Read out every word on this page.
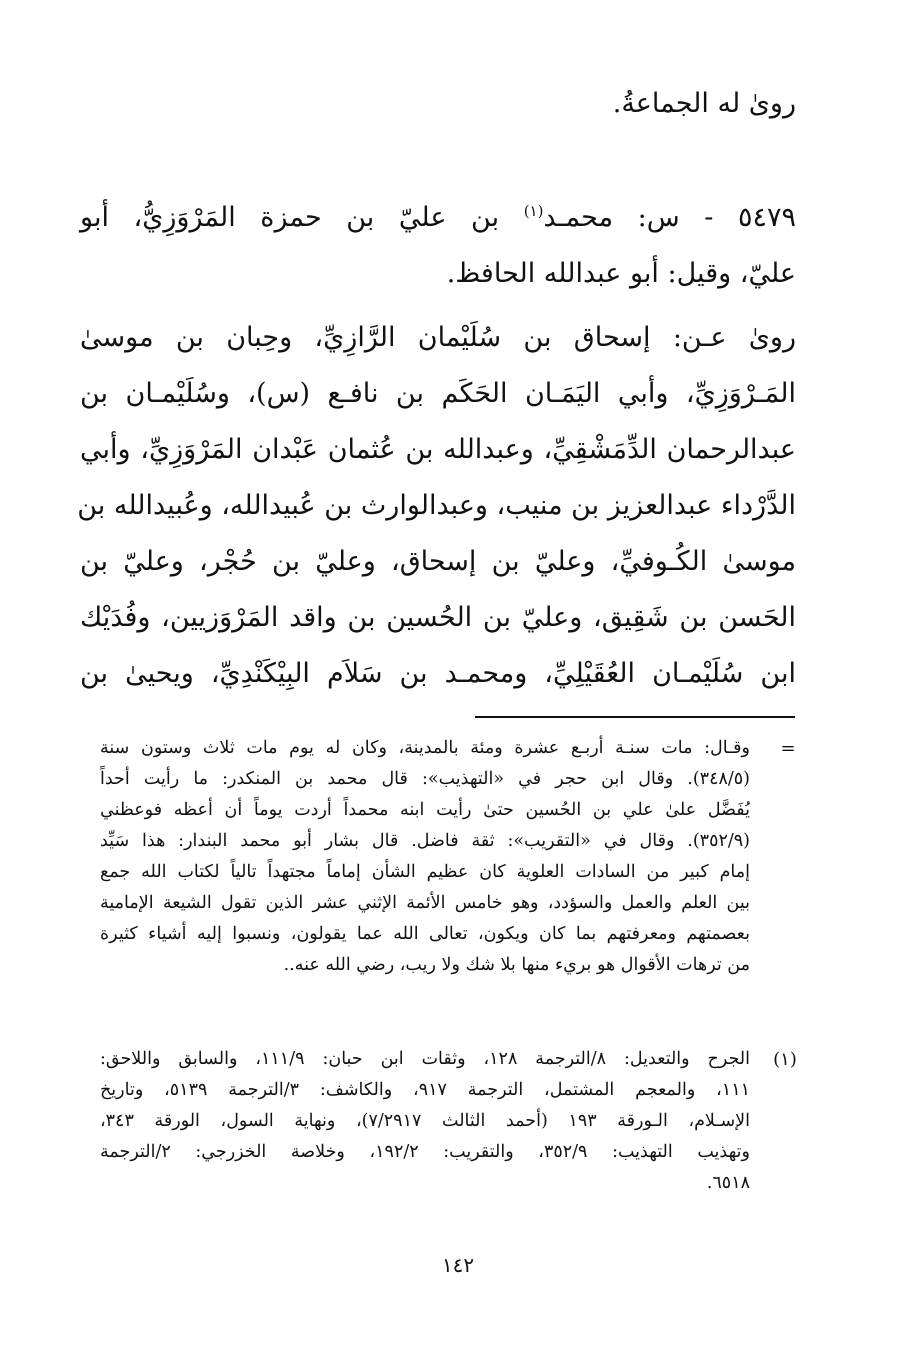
روىٰ له الجماعةُ.
٥٤٧٩ - س: محمـد$^{(١)}$ بن عليّ بن حمزة المَرْوَزِيُّ، أبو
عليّ، وقيل: أبو عبدالله الحافظ.
روىٰ عـن: إسحاق بن سُلَيْمان الرَّازِيِّ، وحِبان بن موسىٰ
المَـرْوَزِيِّ، وأبي اليَمَـان الحَكَم بن نافـع (س)، وسُلَيْمـان بن
عبدالرحمان الدِّمَشْقِيِّ، وعبدالله بن عُثمان عَبْدان المَرْوَزِيِّ، وأبي
الدَّرْداء عبدالعزيز بن منيب، وعبدالوارث بن عُبيدالله، وعُبيدالله بن
موسىٰ الكُـوفيِّ، وعليّ بن إسحاق، وعليّ بن حُجْر، وعليّ بن
الحَسن بن شَقِيق، وعليّ بن الحُسين بن واقد المَرْوَزيين، وفُدَيْك
ابن سُلَيْمـان العُقَيْلِيِّ، ومحمـد بن سَلاَم البِيْكَنْدِيِّ، ويحيىٰ بن
=
وقـال: مات سنـة أربـع عشرة ومئة بالمدينة، وكان له يوم مات ثلاث وستون سنة
(٣٤٨/٥). وقال ابن حجر في «التهذيب»: قال محمد بن المنكدر: ما رأيت أحداً
يُفَضَّل علىٰ علي بن الحُسين حتىٰ رأيت ابنه محمداً أردت يوماً أن أعظه فوعظني
(٣٥٢/٩). وقال في «التقريب»: ثقة فاضل. قال بشار أبو محمد البندار: هذا سَيِّد
إمام كبير من السادات العلوية كان عظيم الشأن إماماً مجتهداً تالياً لكتاب الله جمع
بين العلم والعمل والسؤدد، وهو خامس الأئمة الإثني عشر الذين تقول الشيعة الإمامية
بعصمتهم ومعرفتهم بما كان ويكون، تعالى الله عما يقولون، ونسبوا إليه أشياء كثيرة
من ترهات الأقوال هو بريء منها بلا شك ولا ريب، رضي الله عنه..
(١)
الجرح والتعديل: ٨/الترجمة ١٢٨، وثقات ابن حبان: ١١١/٩، والسابق واللاحق:
١١١، والمعجم المشتمل، الترجمة ٩١٧، والكاشف: ٣/الترجمة ٥١٣٩، وتاريخ
الإسـلام، الـورقة ١٩٣ (أحمد الثالث ٧/٢٩١٧)، ونهاية السول، الورقة ٣٤٣،
وتهذيب التهذيب: ٣٥٢/٩، والتقريب: ١٩٢/٢، وخلاصة الخزرجي: ٢/الترجمة
٦٥١٨.
١٤٢
